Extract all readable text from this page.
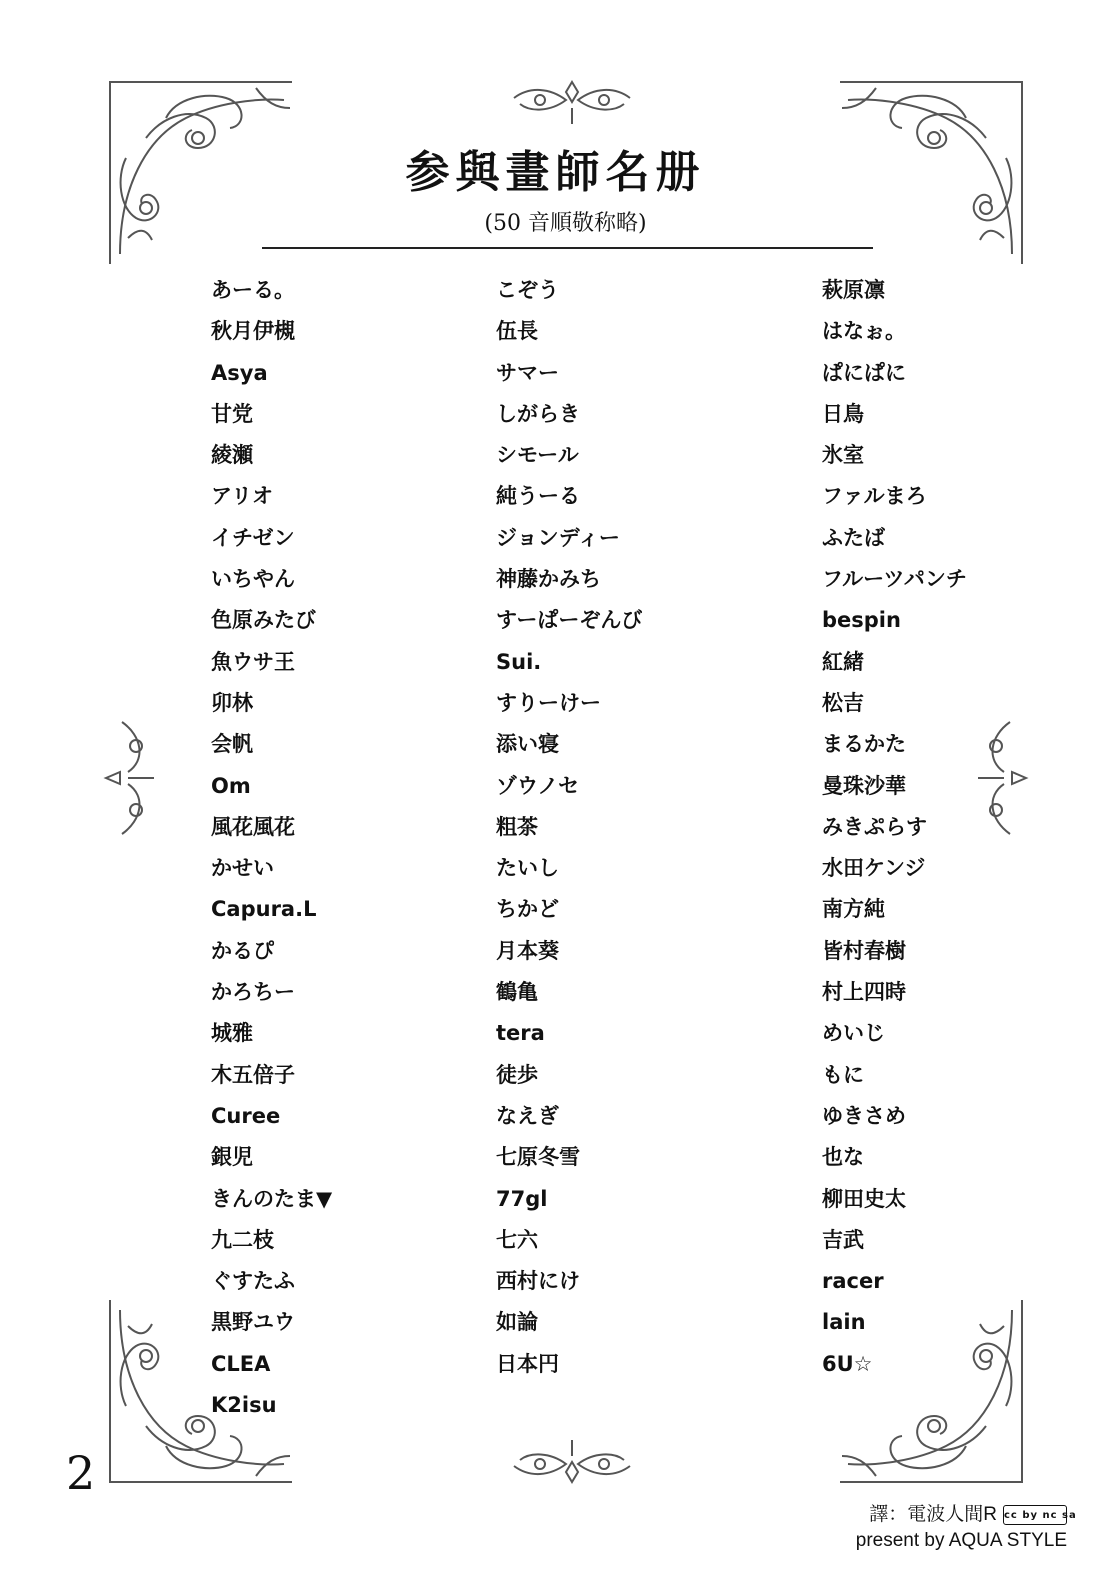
参與畫師名册
(50 音順敬称略)
あーる。
秋月伊槻
Asya
甘党
綾瀬
アリオ
イチゼン
いちやん
色原みたび
魚ウサ王
卯林
会帆
Om
風花風花
かせい
Capura.L
かるぴ
かろちー
城雅
木五倍子
Curee
銀児
きんのたま▼
九二枝
ぐすたふ
黒野ユウ
CLEA
K2isu
こぞう
伍長
サマー
しがらき
シモール
純うーる
ジョンディー
神藤かみち
すーぱーぞんび
Sui.
すりーけー
添い寝
ゾウノセ
粗茶
たいし
ちかど
月本葵
鶴亀
tera
徒歩
なえぎ
七原冬雪
77gl
七六
西村にけ
如論
日本円
萩原凛
はなぉ。
ぱにぱに
日鳥
氷室
ファルまろ
ふたば
フルーツパンチ
bespin
紅緒
松吉
まるかた
曼珠沙華
みきぷらす
水田ケンジ
南方純
皆村春樹
村上四時
めいじ
もに
ゆきさめ
也な
柳田史太
吉武
racer
lain
6U☆
2
譯：電波人間R cc by nc sa
present by AQUA STYLE
